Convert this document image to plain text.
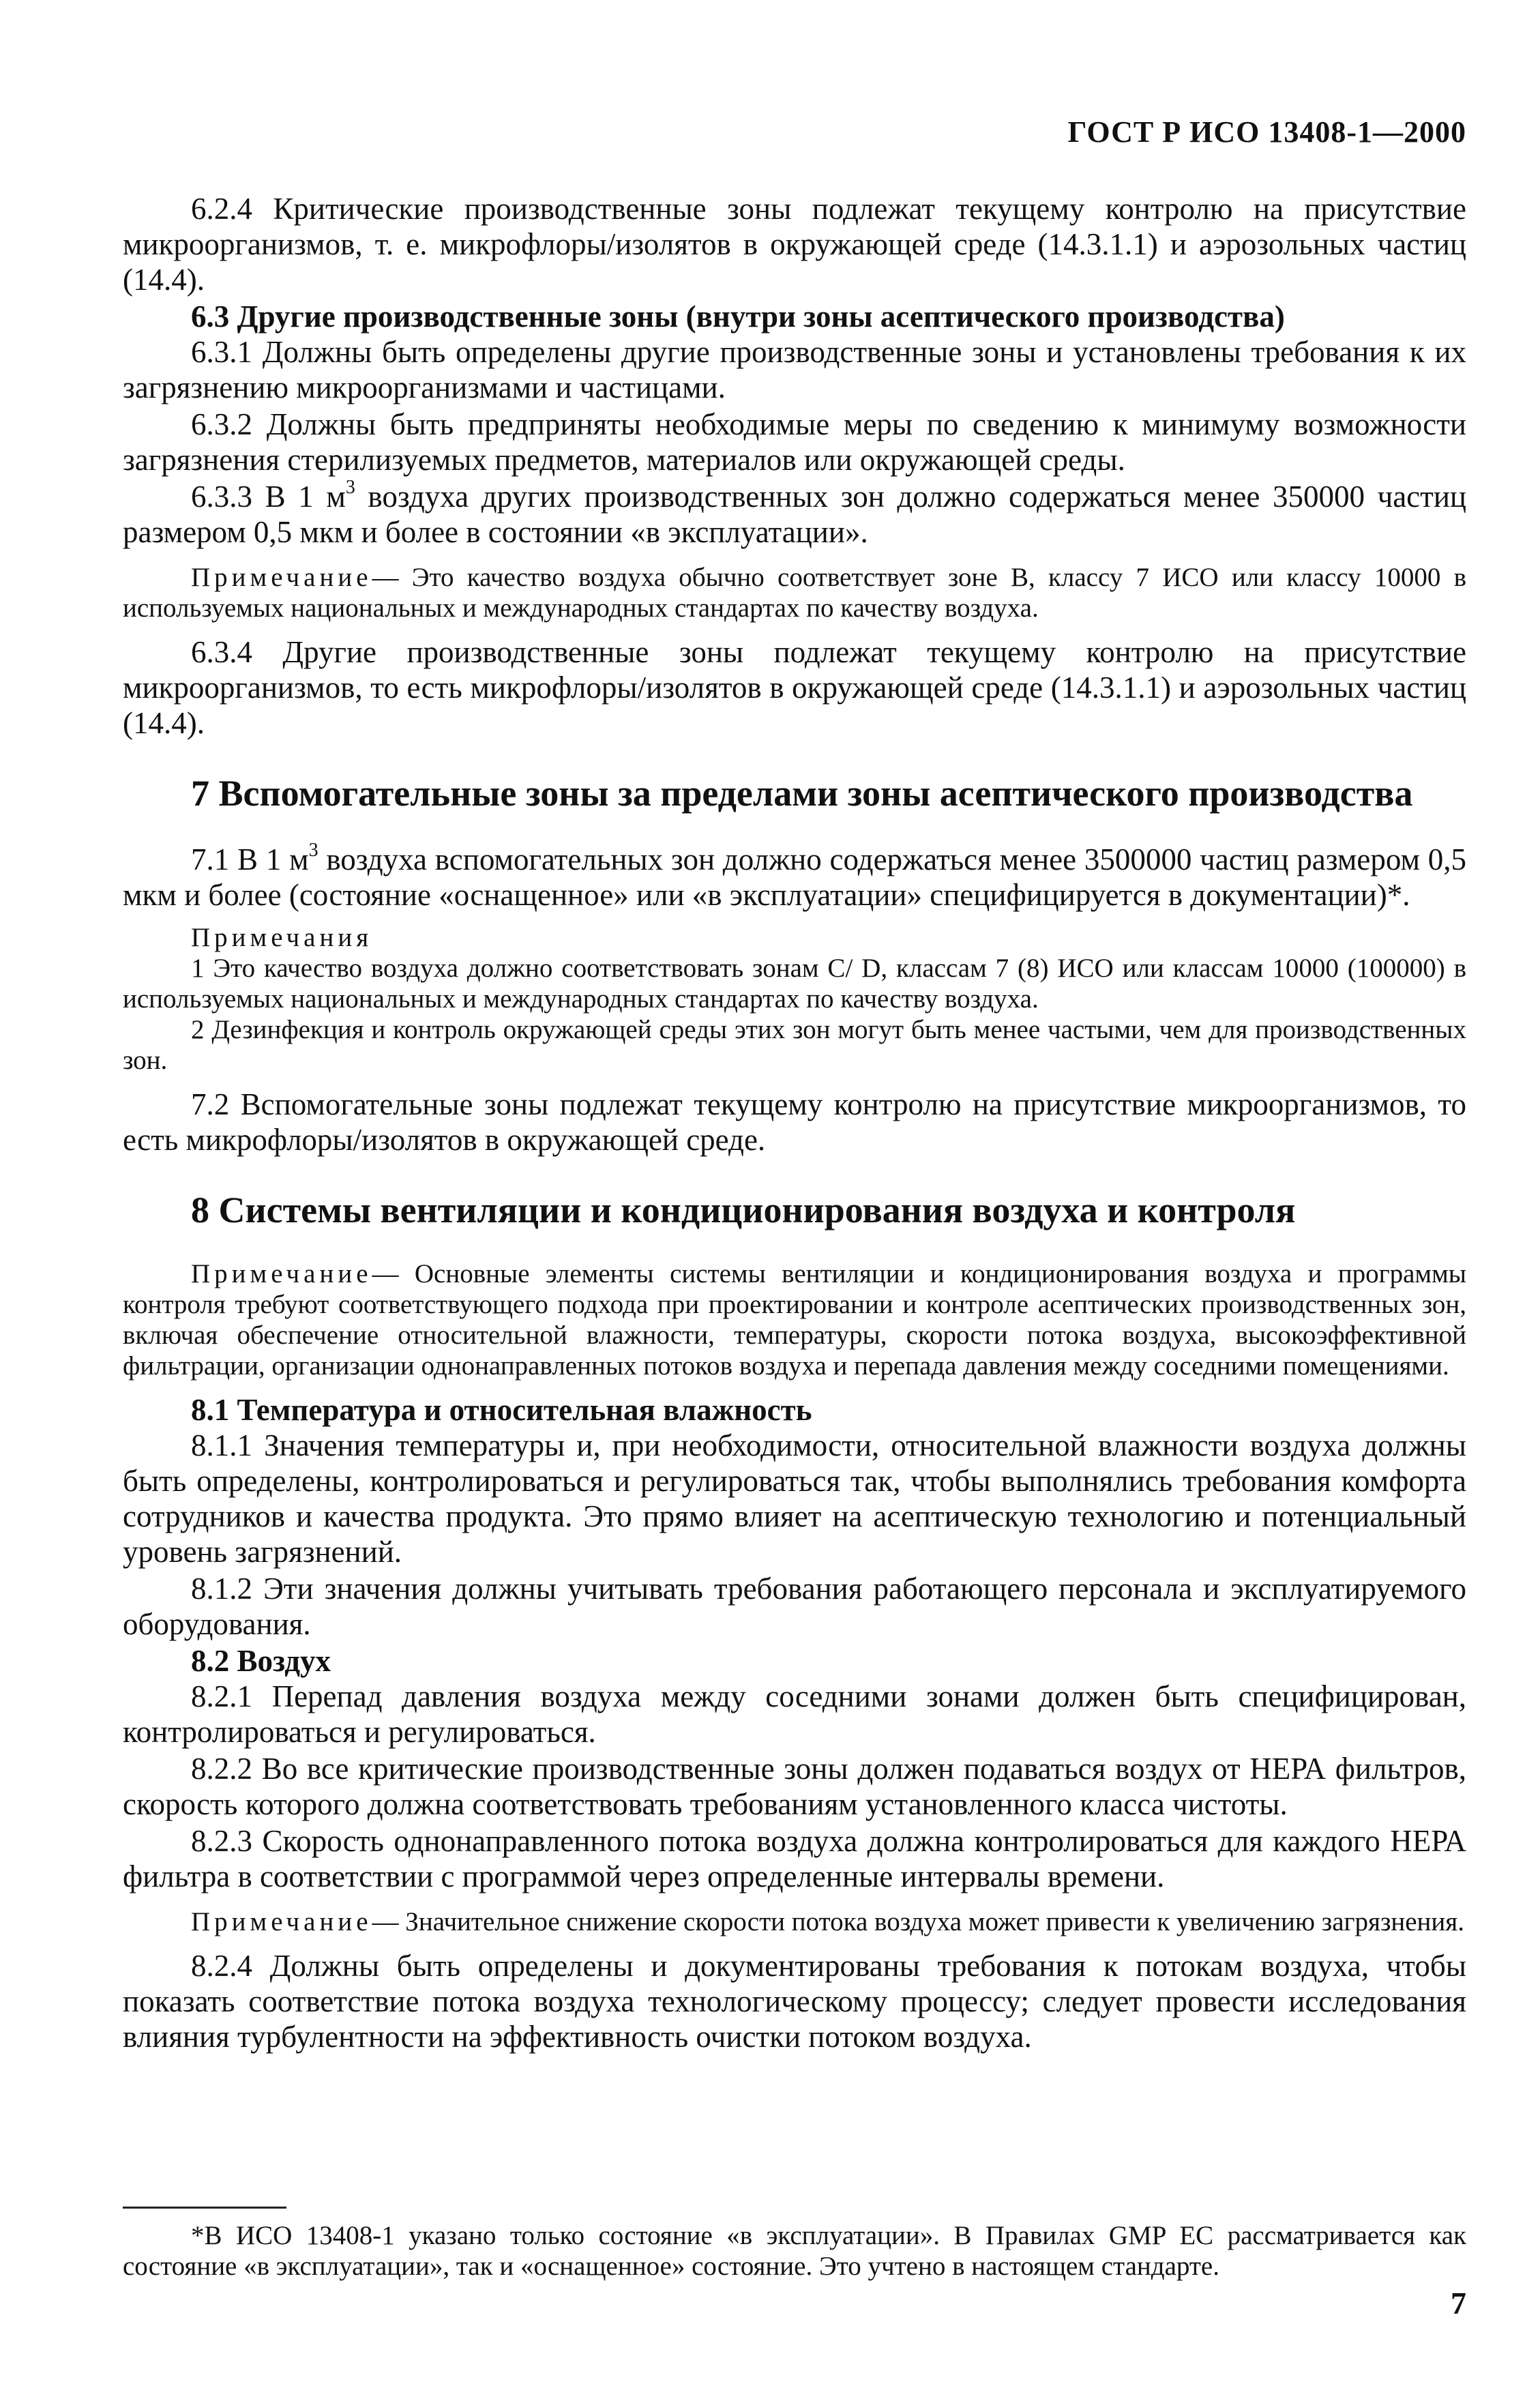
ГОСТ Р ИСО 13408-1—2000

6.2.4 Критические производственные зоны подлежат текущему контролю на присутствие микроорганизмов, т. е. микрофлоры/изолятов в окружающей среде (14.3.1.1) и аэрозольных частиц (14.4).

6.3 Другие производственные зоны (внутри зоны асептического производства)

6.3.1 Должны быть определены другие производственные зоны и установлены требования к их загрязнению микроорганизмами и частицами.

6.3.2 Должны быть предприняты необходимые меры по сведению к минимуму возможности загрязнения стерилизуемых предметов, материалов или окружающей среды.

6.3.3 В 1 $м^3$ воздуха других производственных зон должно содержаться менее 350000 частиц размером 0,5 мкм и более в состоянии «в эксплуатации».

Примечание— Это качество воздуха обычно соответствует зоне В, классу 7 ИСО или классу 10000 в используемых национальных и международных стандартах по качеству воздуха.

6.3.4 Другие производственные зоны подлежат текущему контролю на присутствие микроорганизмов, то есть микрофлоры/изолятов в окружающей среде (14.3.1.1) и аэрозольных частиц (14.4).

7 Вспомогательные зоны за пределами зоны асептического производства

7.1 В 1 $м^3$ воздуха вспомогательных зон должно содержаться менее 3500000 частиц размером 0,5 мкм и более (состояние «оснащенное» или «в эксплуатации» специфицируется в документации)*.

Примечания

1 Это качество воздуха должно соответствовать зонам С/ D, классам 7 (8) ИСО или классам 10000 (100000) в используемых национальных и международных стандартах по качеству воздуха.

2 Дезинфекция и контроль окружающей среды этих зон могут быть менее частыми, чем для производственных зон.

7.2 Вспомогательные зоны подлежат текущему контролю на присутствие микроорганизмов, то есть микрофлоры/изолятов в окружающей среде.

8 Системы вентиляции и кондиционирования воздуха и контроля

Примечание— Основные элементы системы вентиляции и кондиционирования воздуха и программы контроля требуют соответствующего подхода при проектировании и контроле асептических производственных зон, включая обеспечение относительной влажности, температуры, скорости потока воздуха, высокоэффективной фильтрации, организации однонаправленных потоков воздуха и перепада давления между соседними помещениями.

8.1 Температура и относительная влажность

8.1.1 Значения температуры и, при необходимости, относительной влажности воздуха должны быть определены, контролироваться и регулироваться так, чтобы выполнялись требования комфорта сотрудников и качества продукта. Это прямо влияет на асептическую технологию и потенциальный уровень загрязнений.

8.1.2 Эти значения должны учитывать требования работающего персонала и эксплуатируемого оборудования.

8.2 Воздух

8.2.1 Перепад давления воздуха между соседними зонами должен быть специфицирован, контролироваться и регулироваться.

8.2.2 Во все критические производственные зоны должен подаваться воздух от НЕРА фильтров, скорость которого должна соответствовать требованиям установленного класса чистоты.

8.2.3 Скорость однонаправленного потока воздуха должна контролироваться для каждого НЕРА фильтра в соответствии с программой через определенные интервалы времени.

Примечание— Значительное снижение скорости потока воздуха может привести к увеличению загрязнения.

8.2.4 Должны быть определены и документированы требования к потокам воздуха, чтобы показать соответствие потока воздуха технологическому процессу; следует провести исследования влияния турбулентности на эффективность очистки потоком воздуха.

*В ИСО 13408-1 указано только состояние «в эксплуатации». В Правилах GMP ЕС рассматривается как состояние «в эксплуатации», так и «оснащенное» состояние. Это учтено в настоящем стандарте.

7
